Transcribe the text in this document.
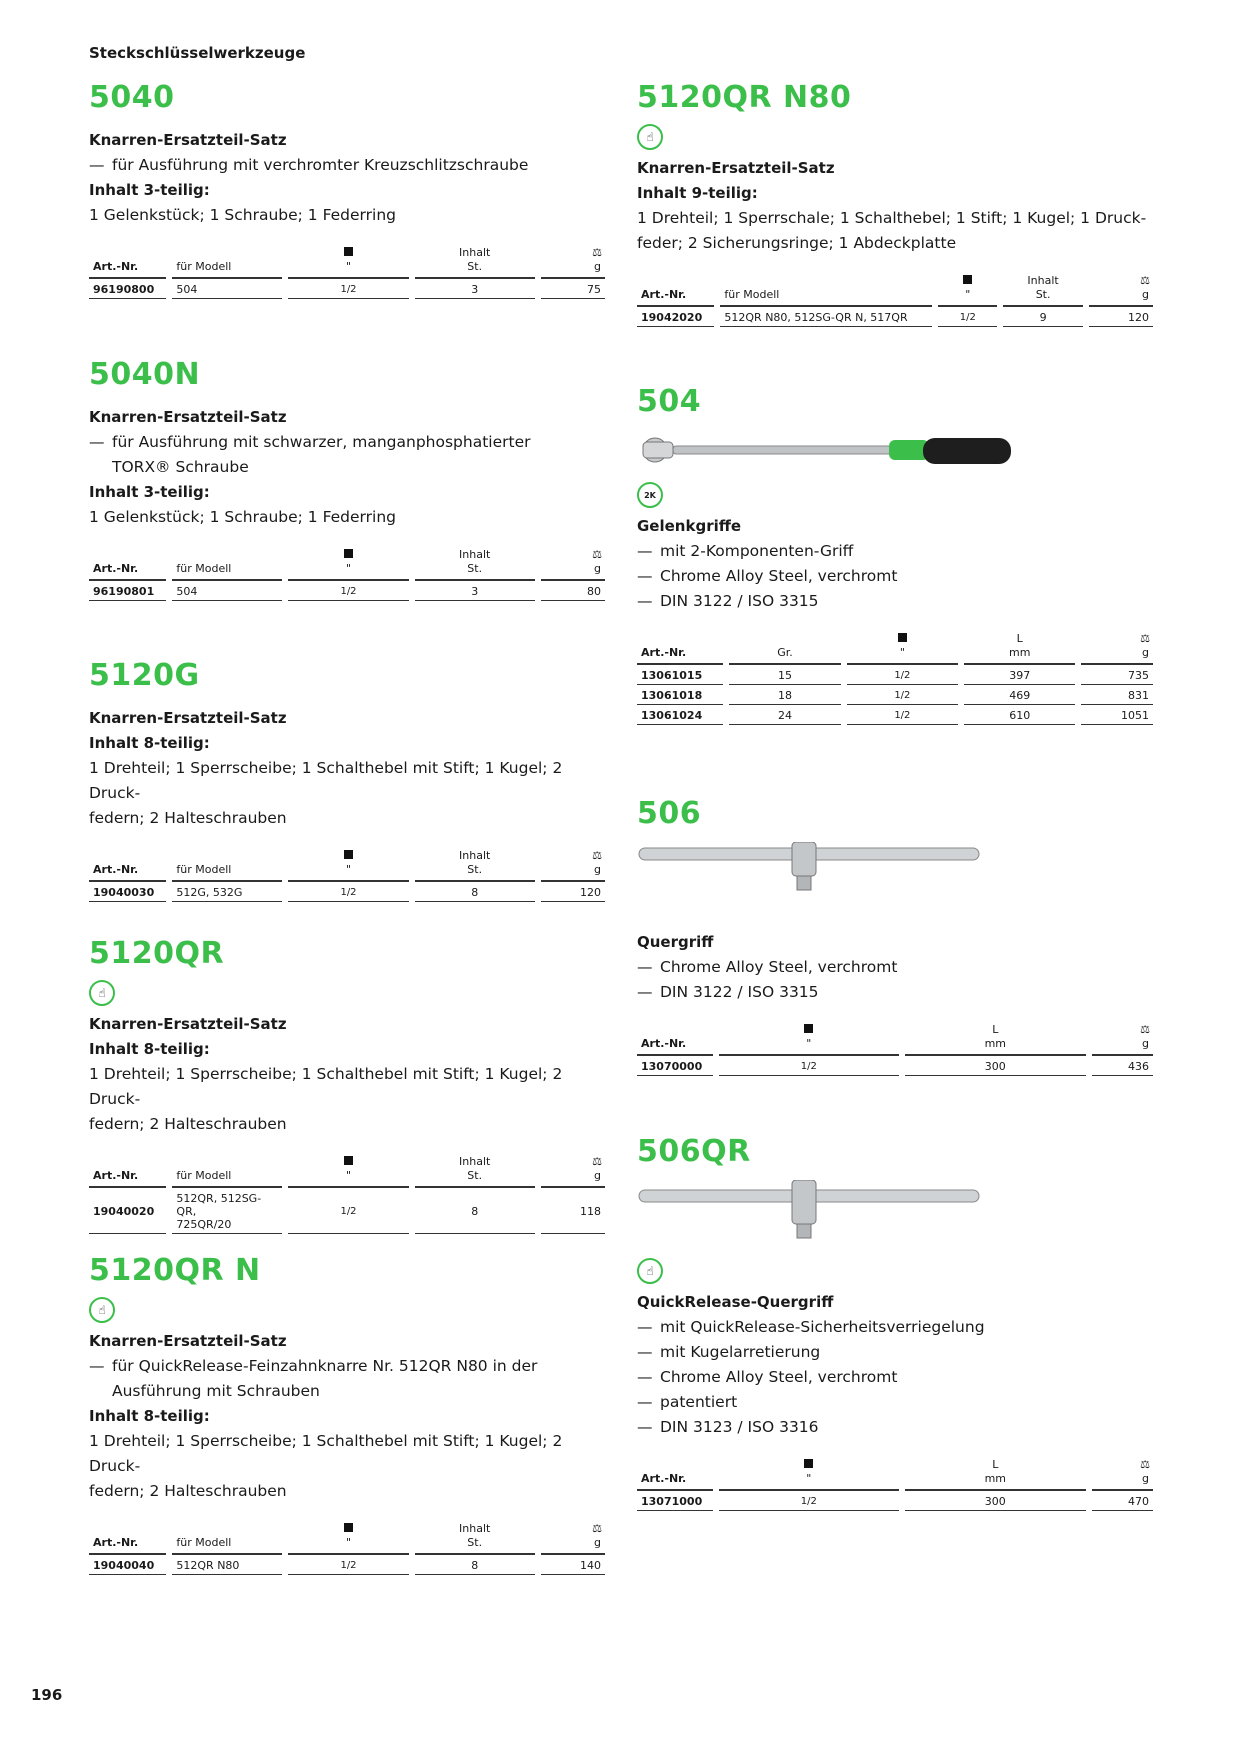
Steckschlüsselwerkzeuge
5040
Knarren-Ersatzteil-Satz
— für Ausführung mit verchromter Kreuzschlitzschraube
Inhalt 3-teilig:
1 Gelenkstück; 1 Schraube; 1 Federring
Art.-Nr.	für Modell	"	Inhalt
St.	⚖
g
96190800	504	1/2	3	75
5040N
Knarren-Ersatzteil-Satz
— für Ausführung mit schwarzer, manganphosphatierter
TORX® Schraube
Inhalt 3-teilig:
1 Gelenkstück; 1 Schraube; 1 Federring
Art.-Nr.	für Modell	"	Inhalt
St.	⚖
g
96190801	504	1/2	3	80
5120G
Knarren-Ersatzteil-Satz
Inhalt 8-teilig:
1 Drehteil; 1 Sperrscheibe; 1 Schalthebel mit Stift; 1 Kugel; 2 Druck-
federn; 2 Halteschrauben
Art.-Nr.	für Modell	"	Inhalt
St.	⚖
g
19040030	512G, 532G	1/2	8	120
5120QR
☝
Knarren-Ersatzteil-Satz
Inhalt 8-teilig:
1 Drehteil; 1 Sperrscheibe; 1 Schalthebel mit Stift; 1 Kugel; 2 Druck-
federn; 2 Halteschrauben
Art.-Nr.	für Modell	"	Inhalt
St.	⚖
g
19040020	512QR, 512SG-QR,
725QR/20	1/2	8	118
5120QR N
☝
Knarren-Ersatzteil-Satz
— für QuickRelease-Feinzahnknarre Nr. 512QR N80 in der
Ausführung mit Schrauben
Inhalt 8-teilig:
1 Drehteil; 1 Sperrscheibe; 1 Schalthebel mit Stift; 1 Kugel; 2 Druck-
federn; 2 Halteschrauben
Art.-Nr.	für Modell	"	Inhalt
St.	⚖
g
19040040	512QR N80	1/2	8	140
5120QR N80
☝
Knarren-Ersatzteil-Satz
Inhalt 9-teilig:
1 Drehteil; 1 Sperrschale; 1 Schalthebel; 1 Stift; 1 Kugel; 1 Druck-
feder; 2 Sicherungsringe; 1 Abdeckplatte
Art.-Nr.	für Modell	"	Inhalt
St.	⚖
g
19042020	512QR N80, 512SG-QR N, 517QR	1/2	9	120
504
2K
Gelenkgriffe
— mit 2-Komponenten-Griff
— Chrome Alloy Steel, verchromt
— DIN 3122 / ISO 3315
Art.-Nr.	Gr.	"	L
mm	⚖
g
13061015	15	1/2	397	735
13061018	18	1/2	469	831
13061024	24	1/2	610	1051
506
Quergriff
— Chrome Alloy Steel, verchromt
— DIN 3122 / ISO 3315
Art.-Nr.	"	L
mm	⚖
g
13070000	1/2	300	436
506QR
☝
QuickRelease-Quergriff
— mit QuickRelease-Sicherheitsverriegelung
— mit Kugelarretierung
— Chrome Alloy Steel, verchromt
— patentiert
— DIN 3123 / ISO 3316
Art.-Nr.	"	L
mm	⚖
g
13071000	1/2	300	470
196
